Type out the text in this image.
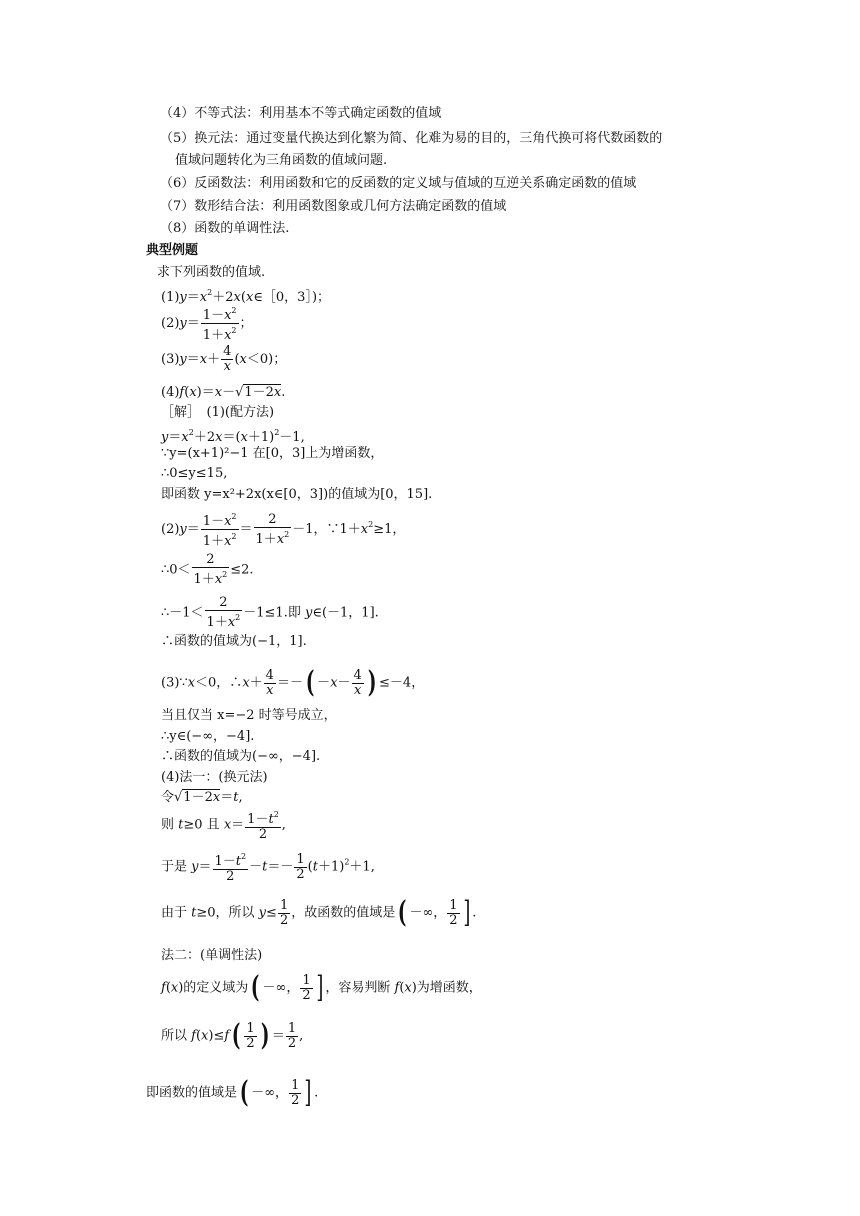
（4）不等式法：利用基本不等式确定函数的值域
（5）换元法：通过变量代换达到化繁为简、化难为易的目的，三角代换可将代数函数的
值域问题转化为三角函数的值域问题.
（6）反函数法：利用函数和它的反函数的定义域与值域的互逆关系确定函数的值域
（7）数形结合法：利用函数图象或几何方法确定函数的值域
（8）函数的单调性法.
典型例题
求下列函数的值域.
$(1)y=x^2+2x(x\in[0$，3］)；
$(2)y= \frac{1-x^2}{1+x^2}$ ；
$(3)y=x+ \frac{4}{x} (x<0)$；
(4)f(x)＝x－√1－2x.
［解］　(1)(配方法)
$y=x^2+2x=(x+1)^2-1$,
∵y=(x+1)²−1 在[0，3]上为增函数，
∴0≤y≤15,
即函数 y=x²+2x(x∈[0，3])的值域为[0，15].
$(2)y= \frac{1-x^2}{1+x^2} = \frac{2}{1+x^2} -1$，$\because 1+x^2\ge 1$，
∴0＜ $\frac{2}{1+x^2} \le 2$.
∴－1＜ $\frac{2}{1+x^2} -1\le 1$.即 y∈(－1，1].
∴函数的值域为(−1，1].
(3)∵x＜0，∴x＋ $\frac{4}{x}$ ＝－( $-x- \frac{4}{x}$ ) ≤－4，
当且仅当 x=−2 时等号成立，
∴y∈(−∞，−4].
∴函数的值域为(−∞，−4].
(4)法一：(换元法)
令√1－2x＝t,
则 t≥0 且 $x= \frac{1-t^2}{2}$ ,
于是 $y= \frac{1-t^2}{2} -t=- \frac{1}{2} (t+1)^2+1$,
由于 t≥0，所以 $y\le \frac{1}{2}$ ，故函数的值域是( －∞， $\frac{1}{2}$ ] .
法二：(单调性法)
f(x)的定义域为( －∞， $\frac{1}{2}$ ] ，容易判断 f(x)为增函数，
所以 $f(x)\le f( \frac{1}{2}$ ) ＝ $\frac{1}{2}$ ,
即函数的值域是( －∞， $\frac{1}{2}$ ] .
